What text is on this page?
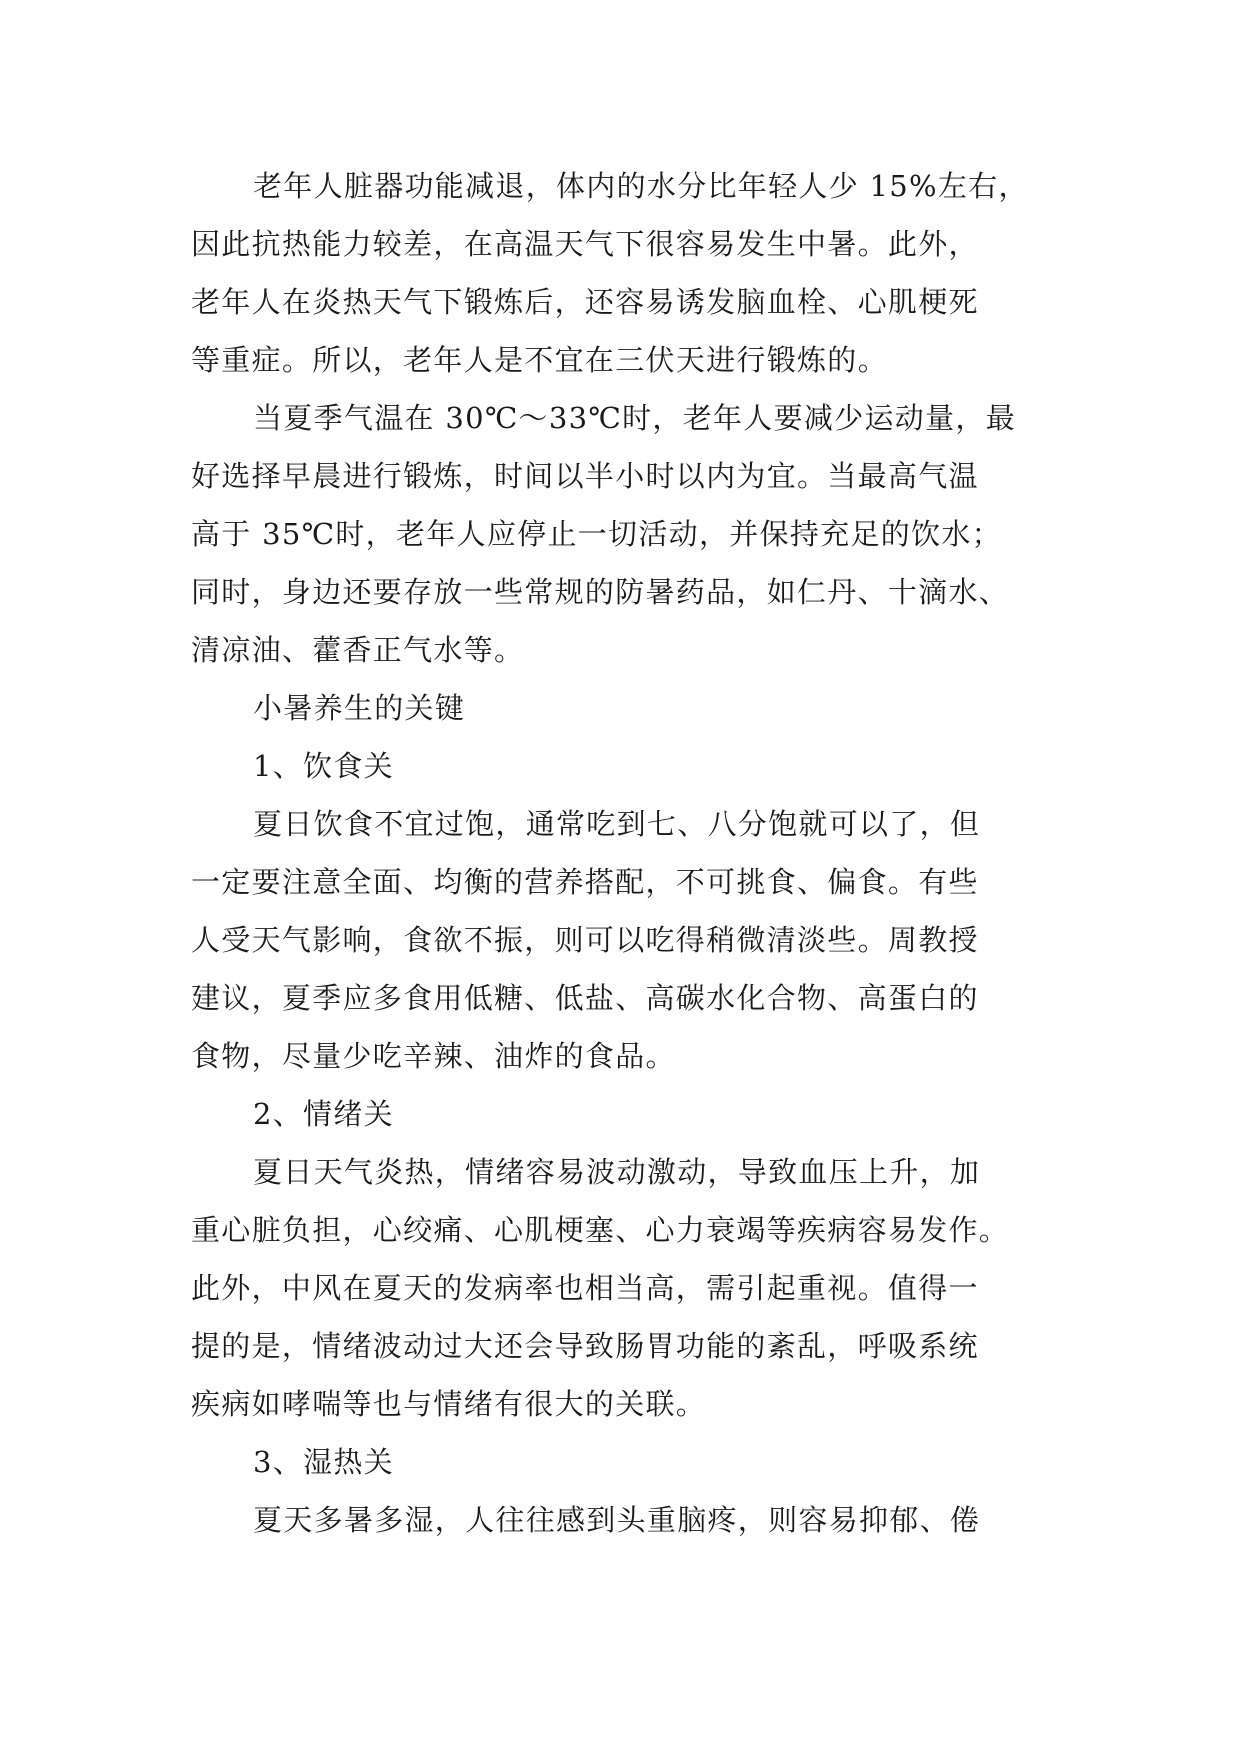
老年人脏器功能减退，体内的水分比年轻人少 15%左右，
因此抗热能力较差，在高温天气下很容易发生中暑。此外，
老年人在炎热天气下锻炼后，还容易诱发脑血栓、心肌梗死
等重症。所以，老年人是不宜在三伏天进行锻炼的。
当夏季气温在 30℃～33℃时，老年人要减少运动量，最
好选择早晨进行锻炼，时间以半小时以内为宜。当最高气温
高于 35℃时，老年人应停止一切活动，并保持充足的饮水；
同时，身边还要存放一些常规的防暑药品，如仁丹、十滴水、
清凉油、藿香正气水等。
小暑养生的关键
1、饮食关
夏日饮食不宜过饱，通常吃到七、八分饱就可以了，但
一定要注意全面、均衡的营养搭配，不可挑食、偏食。有些
人受天气影响，食欲不振，则可以吃得稍微清淡些。周教授
建议，夏季应多食用低糖、低盐、高碳水化合物、高蛋白的
食物，尽量少吃辛辣、油炸的食品。
2、情绪关
夏日天气炎热，情绪容易波动激动，导致血压上升，加
重心脏负担，心绞痛、心肌梗塞、心力衰竭等疾病容易发作。
此外，中风在夏天的发病率也相当高，需引起重视。值得一
提的是，情绪波动过大还会导致肠胃功能的紊乱，呼吸系统
疾病如哮喘等也与情绪有很大的关联。
3、湿热关
夏天多暑多湿，人往往感到头重脑疼，则容易抑郁、倦
